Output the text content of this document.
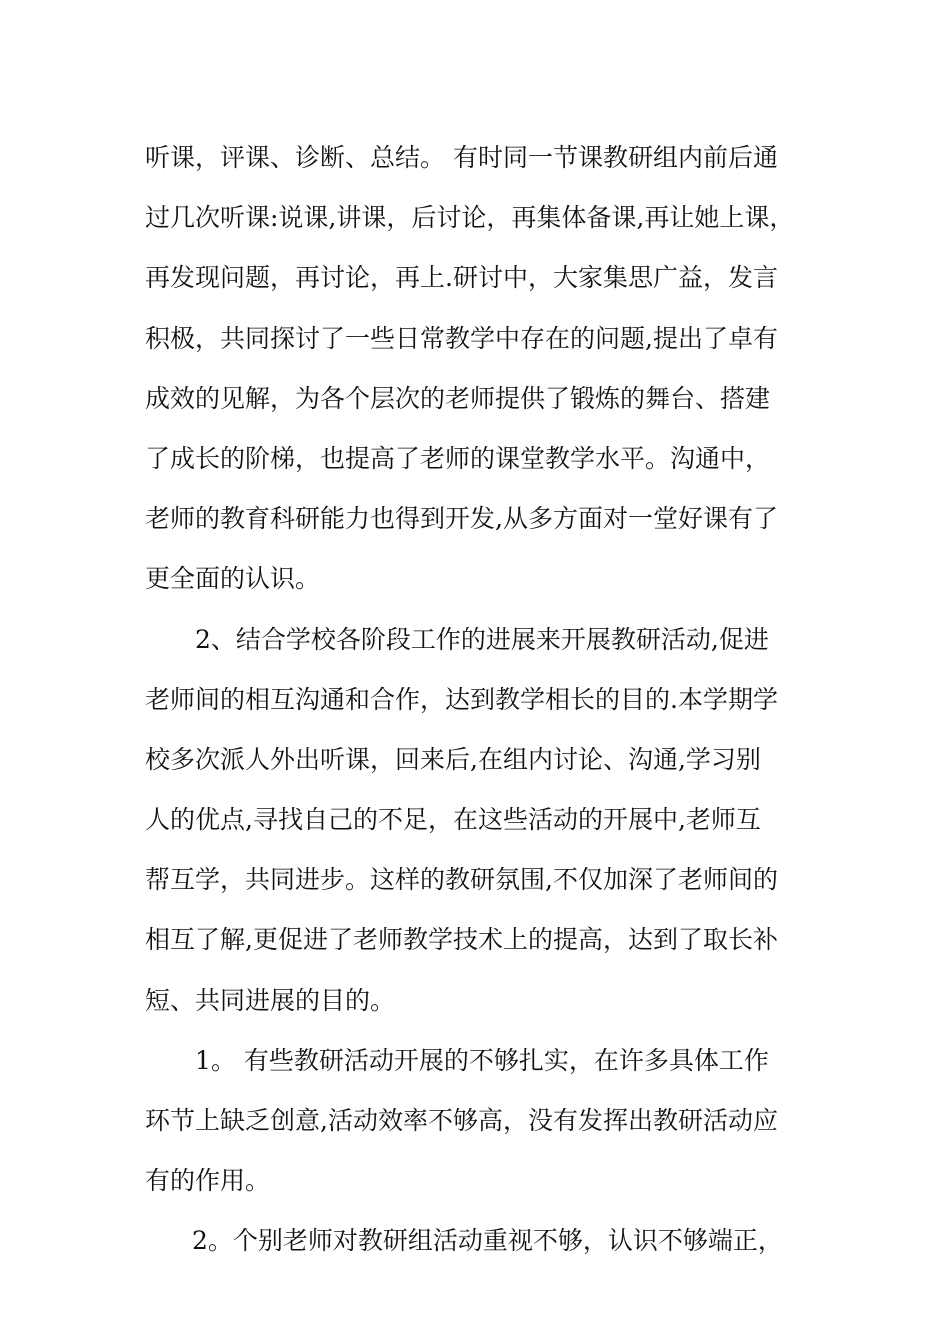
听课，评课、诊断、总结。 有时同一节课教研组内前后通
过几次听课:说课,讲课，后讨论，再集体备课,再让她上课，
再发现问题，再讨论，再上.研讨中，大家集思广益，发言
积极，共同探讨了一些日常教学中存在的问题,提出了卓有
成效的见解，为各个层次的老师提供了锻炼的舞台、搭建
了成长的阶梯，也提高了老师的课堂教学水平。沟通中，
老师的教育科研能力也得到开发,从多方面对一堂好课有了
更全面的认识。
2、结合学校各阶段工作的进展来开展教研活动,促进
老师间的相互沟通和合作，达到教学相长的目的.本学期学
校多次派人外出听课，回来后,在组内讨论、沟通,学习别
人的优点,寻找自己的不足，在这些活动的开展中,老师互
帮互学，共同进步。这样的教研氛围,不仅加深了老师间的
相互了解,更促进了老师教学技术上的提高，达到了取长补
短、共同进展的目的。
1。 有些教研活动开展的不够扎实，在许多具体工作
环节上缺乏创意,活动效率不够高，没有发挥出教研活动应
有的作用。
2。个别老师对教研组活动重视不够，认识不够端正，
